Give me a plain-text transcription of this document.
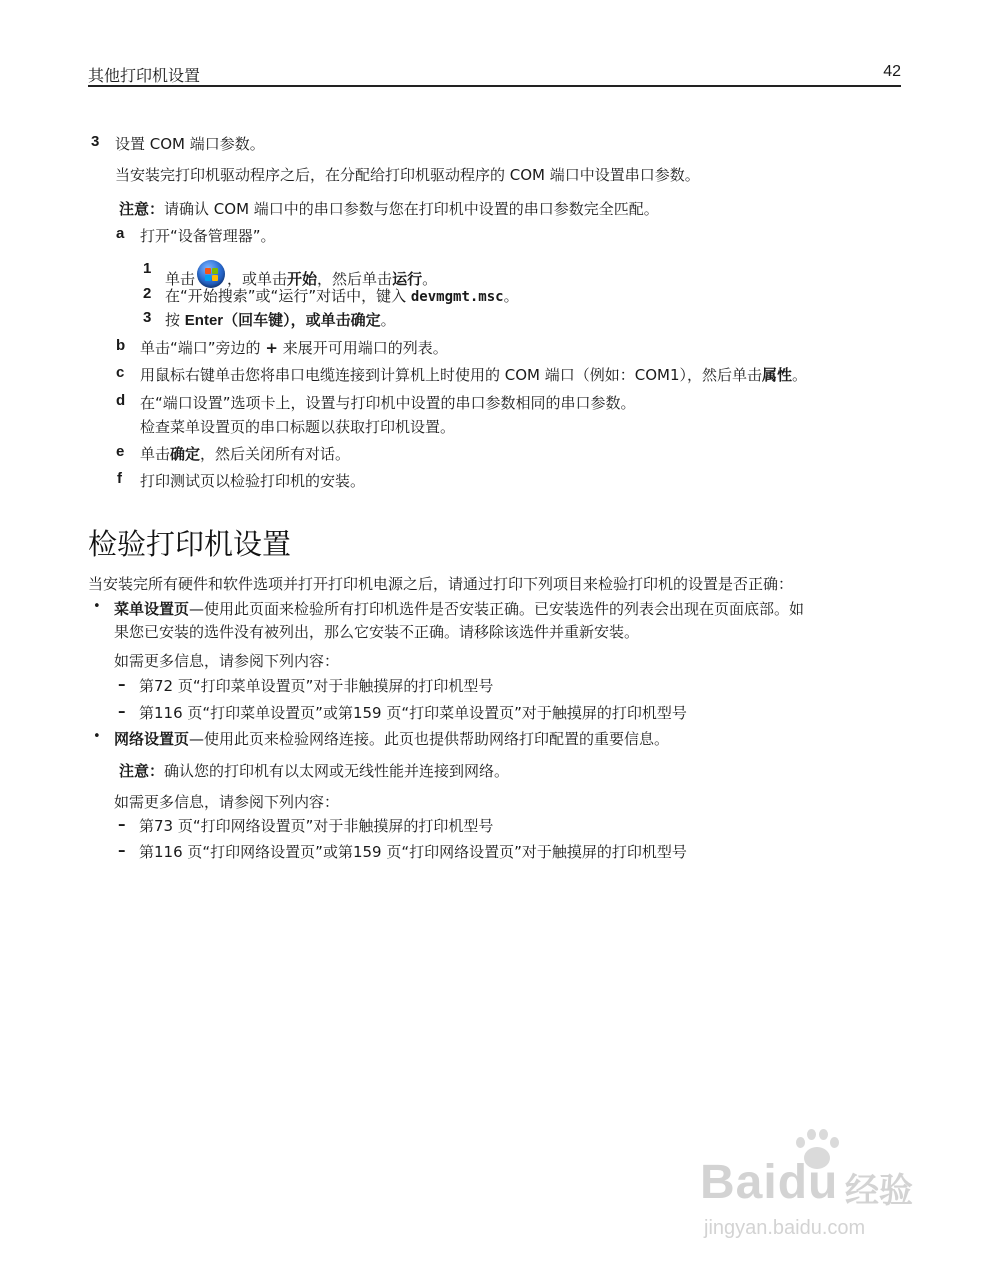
其他打印机设置	42
3 设置 COM 端口参数。
当安装完打印机驱动程序之后，在分配给打印机驱动程序的 COM 端口中设置串口参数。
注意：请确认 COM 端口中的串口参数与您在打印机中设置的串口参数完全匹配。
a 打开“设备管理器”。
1
单击 ，或单击开始，然后单击运行。
2 在“开始搜索”或“运行”对话中，键入 devmgmt.msc。
3 按 Enter（回车键），或单击确定。
b 单击“端口”旁边的 + 来展开可用端口的列表。
c 用鼠标右键单击您将串口电缆连接到计算机上时使用的 COM 端口（例如：COM1），然后单击属性。
d 在“端口设置”选项卡上，设置与打印机中设置的串口参数相同的串口参数。
检查菜单设置页的串口标题以获取打印机设置。
e 单击确定，然后关闭所有对话。
f 打印测试页以检验打印机的安装。
检验打印机设置
当安装完所有硬件和软件选项并打开打印机电源之后，请通过打印下列项目来检验打印机的设置是否正确：
• 菜单设置页—使用此页面来检验所有打印机选件是否安装正确。已安装选件的列表会出现在页面底部。如
果您已安装的选件没有被列出，那么它安装不正确。请移除该选件并重新安装。
如需更多信息，请参阅下列内容：
– 第72 页“打印菜单设置页”对于非触摸屏的打印机型号
– 第116 页“打印菜单设置页”或第159 页“打印菜单设置页”对于触摸屏的打印机型号
• 网络设置页—使用此页来检验网络连接。此页也提供帮助网络打印配置的重要信息。
注意：确认您的打印机有以太网或无线性能并连接到网络。
如需更多信息，请参阅下列内容：
– 第73 页“打印网络设置页”对于非触摸屏的打印机型号
– 第116 页“打印网络设置页”或第159 页“打印网络设置页”对于触摸屏的打印机型号
Baidu 经验
jingyan.baidu.com
